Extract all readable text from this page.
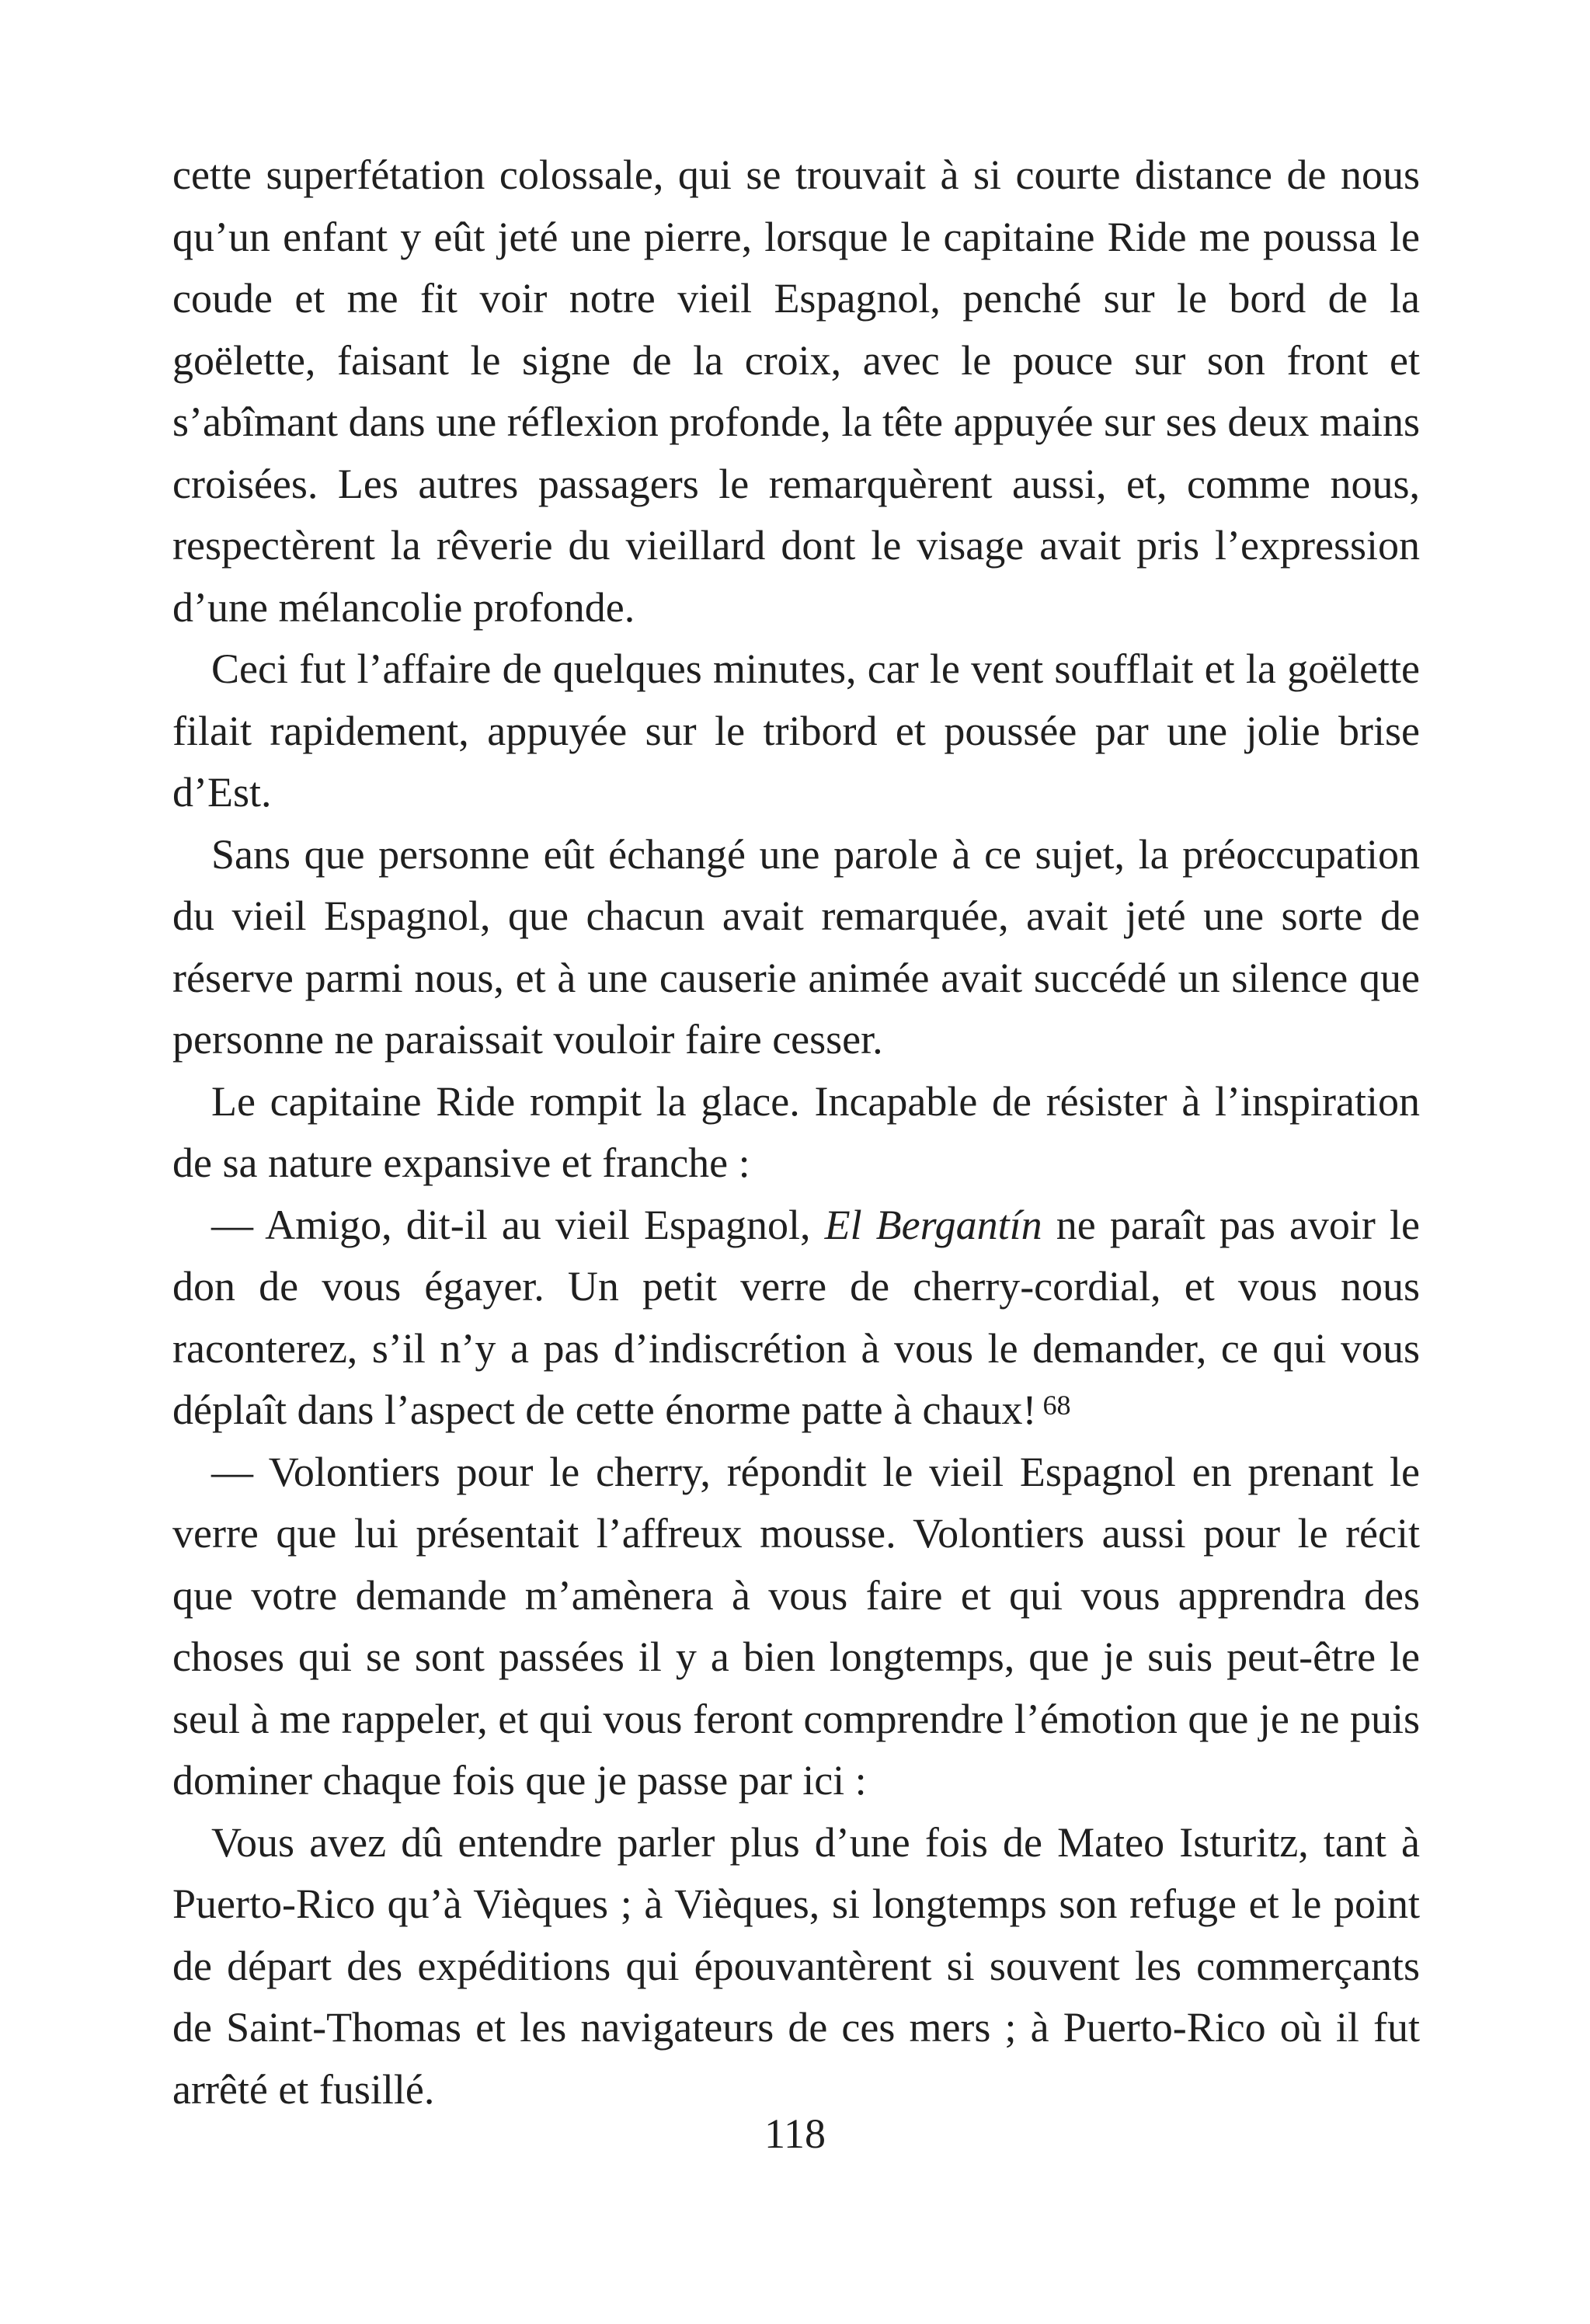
cette superfétation colossale, qui se trouvait à si courte distance de nous qu’un enfant y eût jeté une pierre, lorsque le capitaine Ride me poussa le coude et me fit voir notre vieil Espagnol, penché sur le bord de la goëlette, faisant le signe de la croix, avec le pouce sur son front et s’abîmant dans une réflexion profonde, la tête appuyée sur ses deux mains croisées. Les autres passagers le remarquèrent aussi, et, comme nous, respectèrent la rêverie du vieillard dont le visage avait pris l’expression d’une mélancolie profonde.

Ceci fut l’affaire de quelques minutes, car le vent soufflait et la goëlette filait rapidement, appuyée sur le tribord et poussée par une jolie brise d’Est.

Sans que personne eût échangé une parole à ce sujet, la préoccupation du vieil Espagnol, que chacun avait remarquée, avait jeté une sorte de réserve parmi nous, et à une causerie animée avait succédé un silence que personne ne paraissait vouloir faire cesser.

Le capitaine Ride rompit la glace. Incapable de résister à l’inspiration de sa nature expansive et franche :

— Amigo, dit-il au vieil Espagnol, El Bergantín ne paraît pas avoir le don de vous égayer. Un petit verre de cherry-cordial, et vous nous raconterez, s’il n’y a pas d’indiscrétion à vous le demander, ce qui vous déplaît dans l’aspect de cette énorme patte à chaux! $^{68}$

— Volontiers pour le cherry, répondit le vieil Espagnol en prenant le verre que lui présentait l’affreux mousse. Volontiers aussi pour le récit que votre demande m’amènera à vous faire et qui vous apprendra des choses qui se sont passées il y a bien longtemps, que je suis peut-être le seul à me rappeler, et qui vous feront comprendre l’émotion que je ne puis dominer chaque fois que je passe par ici :

Vous avez dû entendre parler plus d’une fois de Mateo Isturitz, tant à Puerto-Rico qu’à Vièques ; à Vièques, si longtemps son refuge et le point de départ des expéditions qui épouvantèrent si souvent les commerçants de Saint-Thomas et les navigateurs de ces mers ; à Puerto-Rico où il fut arrêté et fusillé.

118
